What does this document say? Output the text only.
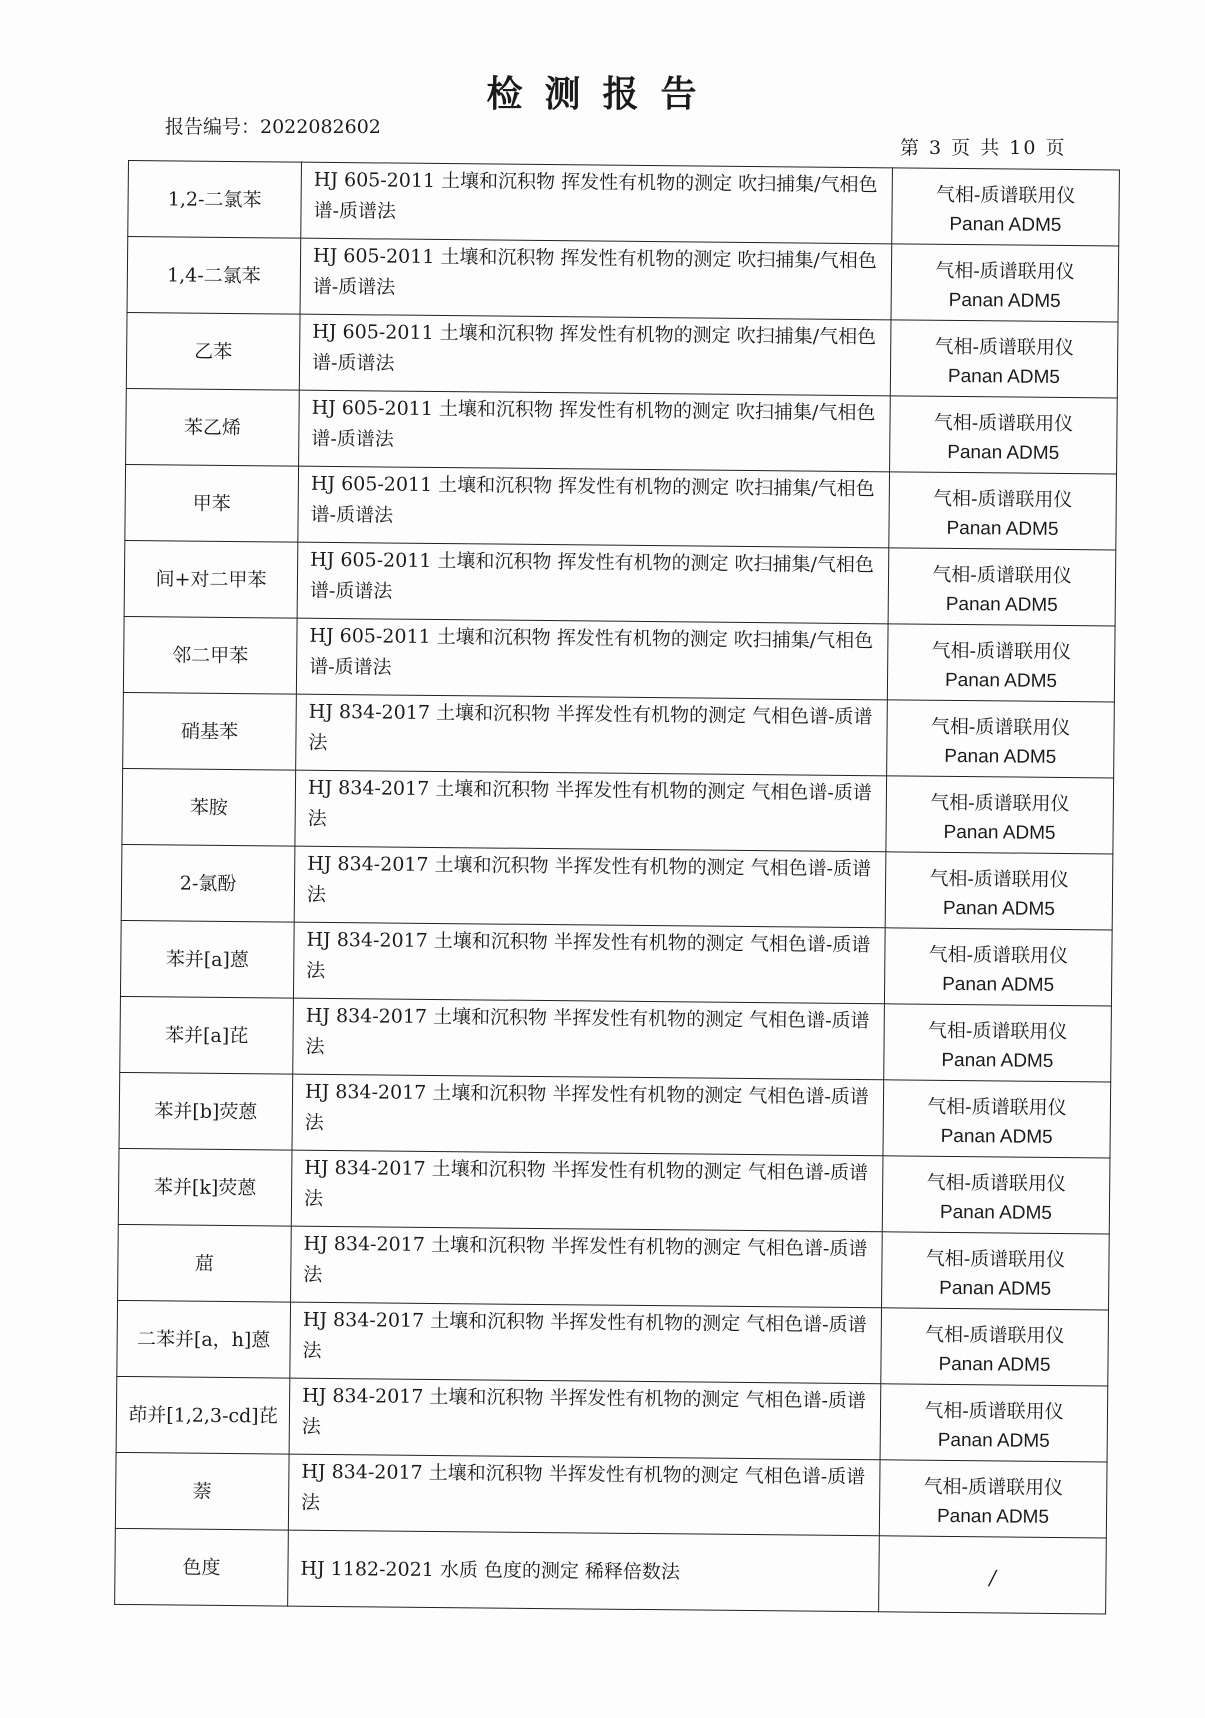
检测报告
报告编号：2022082602
第 3 页 共 10 页
1,2-二氯苯	HJ 605-2011 土壤和沉积物 挥发性有机物的测定 吹扫捕集/气相色谱-质谱法	气相-质谱联用仪
Panan ADM5

1,4-二氯苯	HJ 605-2011 土壤和沉积物 挥发性有机物的测定 吹扫捕集/气相色谱-质谱法	气相-质谱联用仪
Panan ADM5

乙苯	HJ 605-2011 土壤和沉积物 挥发性有机物的测定 吹扫捕集/气相色谱-质谱法	气相-质谱联用仪
Panan ADM5

苯乙烯	HJ 605-2011 土壤和沉积物 挥发性有机物的测定 吹扫捕集/气相色谱-质谱法	气相-质谱联用仪
Panan ADM5

甲苯	HJ 605-2011 土壤和沉积物 挥发性有机物的测定 吹扫捕集/气相色谱-质谱法	气相-质谱联用仪
Panan ADM5

间+对二甲苯	HJ 605-2011 土壤和沉积物 挥发性有机物的测定 吹扫捕集/气相色谱-质谱法	气相-质谱联用仪
Panan ADM5

邻二甲苯	HJ 605-2011 土壤和沉积物 挥发性有机物的测定 吹扫捕集/气相色谱-质谱法	气相-质谱联用仪
Panan ADM5

硝基苯	HJ 834-2017 土壤和沉积物 半挥发性有机物的测定 气相色谱-质谱法	气相-质谱联用仪
Panan ADM5

苯胺	HJ 834-2017 土壤和沉积物 半挥发性有机物的测定 气相色谱-质谱法	气相-质谱联用仪
Panan ADM5

2-氯酚	HJ 834-2017 土壤和沉积物 半挥发性有机物的测定 气相色谱-质谱法	气相-质谱联用仪
Panan ADM5

苯并[a]蒽	HJ 834-2017 土壤和沉积物 半挥发性有机物的测定 气相色谱-质谱法	气相-质谱联用仪
Panan ADM5

苯并[a]芘	HJ 834-2017 土壤和沉积物 半挥发性有机物的测定 气相色谱-质谱法	气相-质谱联用仪
Panan ADM5

苯并[b]荧蒽	HJ 834-2017 土壤和沉积物 半挥发性有机物的测定 气相色谱-质谱法	气相-质谱联用仪
Panan ADM5

苯并[k]荧蒽	HJ 834-2017 土壤和沉积物 半挥发性有机物的测定 气相色谱-质谱法	气相-质谱联用仪
Panan ADM5

䓛	HJ 834-2017 土壤和沉积物 半挥发性有机物的测定 气相色谱-质谱法	气相-质谱联用仪
Panan ADM5

二苯并[a，h]蒽	HJ 834-2017 土壤和沉积物 半挥发性有机物的测定 气相色谱-质谱法	气相-质谱联用仪
Panan ADM5

茚并[1,2,3-cd]芘	HJ 834-2017 土壤和沉积物 半挥发性有机物的测定 气相色谱-质谱法	气相-质谱联用仪
Panan ADM5

萘	HJ 834-2017 土壤和沉积物 半挥发性有机物的测定 气相色谱-质谱法	气相-质谱联用仪
Panan ADM5

色度	HJ 1182-2021 水质 色度的测定 稀释倍数法	/
